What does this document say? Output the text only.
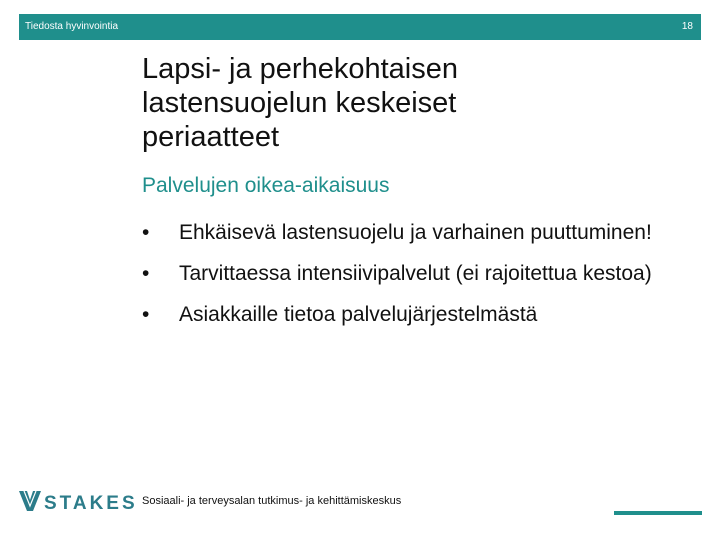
Tiedosta hyvinvointia	18
Lapsi- ja perhekohtaisen
lastensuojelun keskeiset
periaatteet
Palvelujen oikea-aikaisuus
•	Ehkäisevä lastensuojelu ja varhainen puuttuminen!
•	Tarvittaessa intensiivipalvelut (ei rajoitettua kestoa)
•	Asiakkaille tietoa palvelujärjestelmästä
STAKES Sosiaali- ja terveysalan tutkimus- ja kehittämiskeskus
